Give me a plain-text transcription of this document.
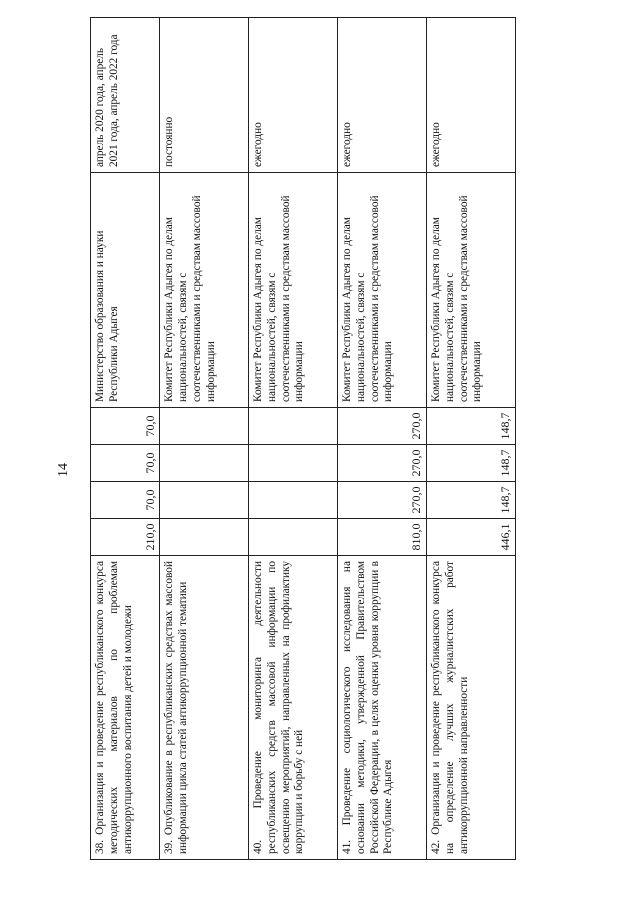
14
38. Организация и проведение республиканского конкурса методических материалов по проблемам антикоррупционного воспитания детей и молодежи	210,0	70,0	70,0	70,0	Министерство образования и науки Республики Адыгея	апрель 2020 года, апрель 2021 года, апрель 2022 года
39. Опубликование в республиканских средствах массовой информации цикла статей антикоррупционной тематики					Комитет Республики Адыгея по делам национальностей, связям с соотечественниками и средствам массовой информации	постоянно
40. Проведение мониторинга деятельности республиканских средств массовой информации по освещению мероприятий, направленных на профилактику коррупции и борьбу с ней					Комитет Республики Адыгея по делам национальностей, связям с соотечественниками и средствам массовой информации	ежегодно
41. Проведение социологического исследования на основании методики, утвержденной Правительством Российской Федерации, в целях оценки уровня коррупции в Республике Адыгея	810,0	270,0	270,0	270,0	Комитет Республики Адыгея по делам национальностей, связям с соотечественниками и средствам массовой информации	ежегодно
42. Организация и проведение республиканского конкурса на определение лучших журналистских работ антикоррупционной направленности	446,1	148,7	148,7	148,7	Комитет Республики Адыгея по делам национальностей, связям с соотечественниками и средствам массовой информации	ежегодно
